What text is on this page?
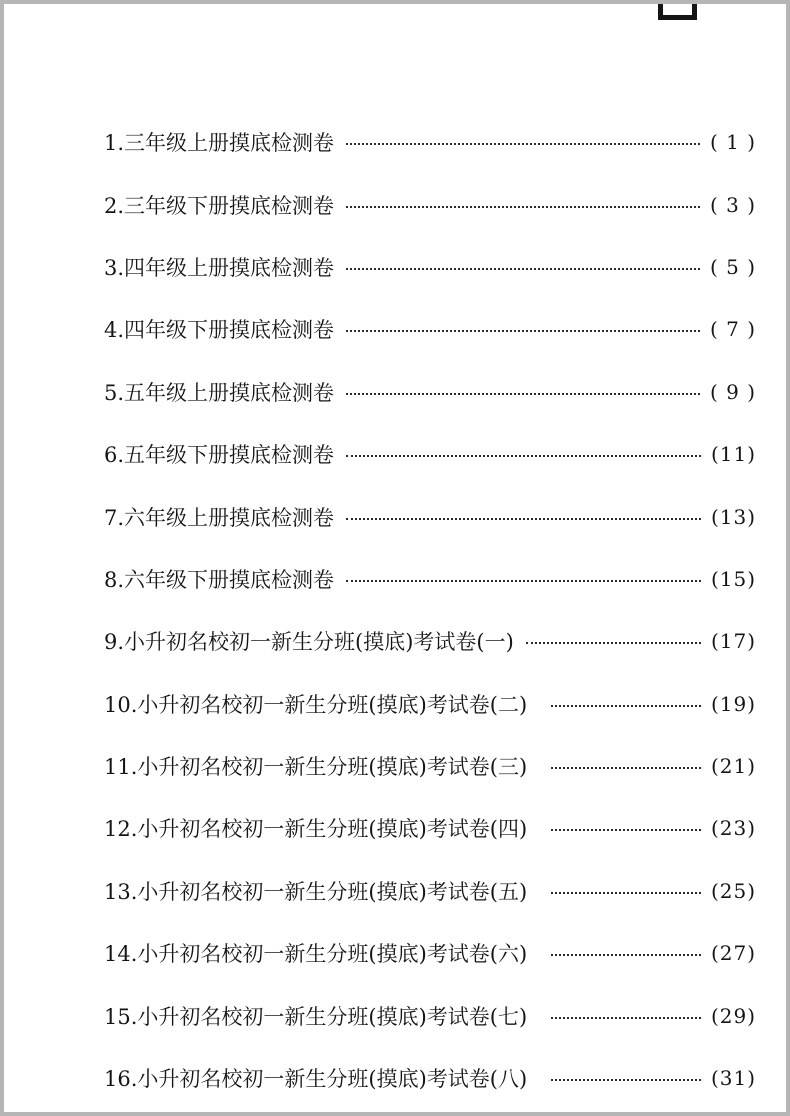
1.三年级上册摸底检测卷	( 1 )
2.三年级下册摸底检测卷	( 3 )
3.四年级上册摸底检测卷	( 5 )
4.四年级下册摸底检测卷	( 7 )
5.五年级上册摸底检测卷	( 9 )
6.五年级下册摸底检测卷	(11)
7.六年级上册摸底检测卷	(13)
8.六年级下册摸底检测卷	(15)
9.小升初名校初一新生分班(摸底)考试卷(一)	(17)
10.小升初名校初一新生分班(摸底)考试卷(二)	(19)
11.小升初名校初一新生分班(摸底)考试卷(三)	(21)
12.小升初名校初一新生分班(摸底)考试卷(四)	(23)
13.小升初名校初一新生分班(摸底)考试卷(五)	(25)
14.小升初名校初一新生分班(摸底)考试卷(六)	(27)
15.小升初名校初一新生分班(摸底)考试卷(七)	(29)
16.小升初名校初一新生分班(摸底)考试卷(八)	(31)
